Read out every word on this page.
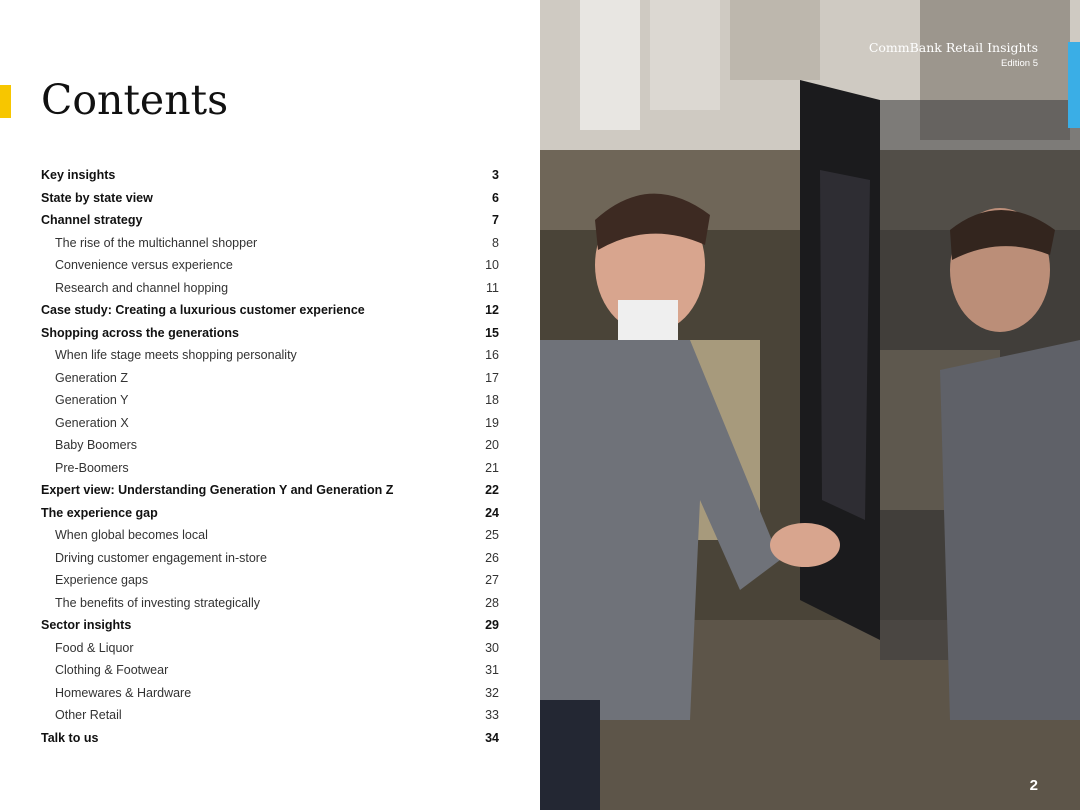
Contents
Key insights	3
State by state view	6
Channel strategy	7
The rise of the multichannel shopper	8
Convenience versus experience	10
Research and channel hopping	11
Case study: Creating a luxurious customer experience	12
Shopping across the generations	15
When life stage meets shopping personality	16
Generation Z	17
Generation Y	18
Generation X	19
Baby Boomers	20
Pre-Boomers	21
Expert view: Understanding Generation Y and Generation Z	22
The experience gap	24
When global becomes local	25
Driving customer engagement in-store	26
Experience gaps	27
The benefits of investing strategically	28
Sector insights	29
Food & Liquor	30
Clothing & Footwear	31
Homewares & Hardware	32
Other Retail	33
Talk to us	34
CommBank Retail Insights
Edition 5
2
